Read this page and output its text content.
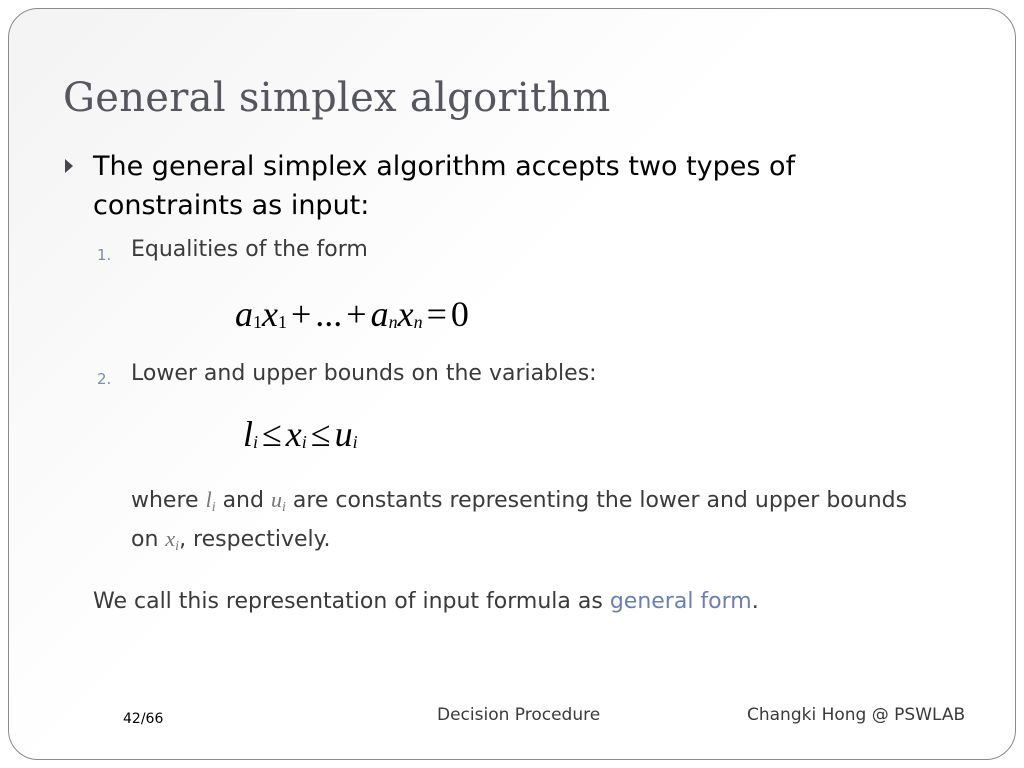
General simplex algorithm
The general simplex algorithm accepts two types of constraints as input:
1. Equalities of the form
a1x1 + ... + anxn = 0
2. Lower and upper bounds on the variables:
li ≤ xi ≤ ui
where li and ui are constants representing the lower and upper bounds on xi, respectively.
We call this representation of input formula as general form.
42/66	Decision Procedure	Changki Hong @ PSWLAB
